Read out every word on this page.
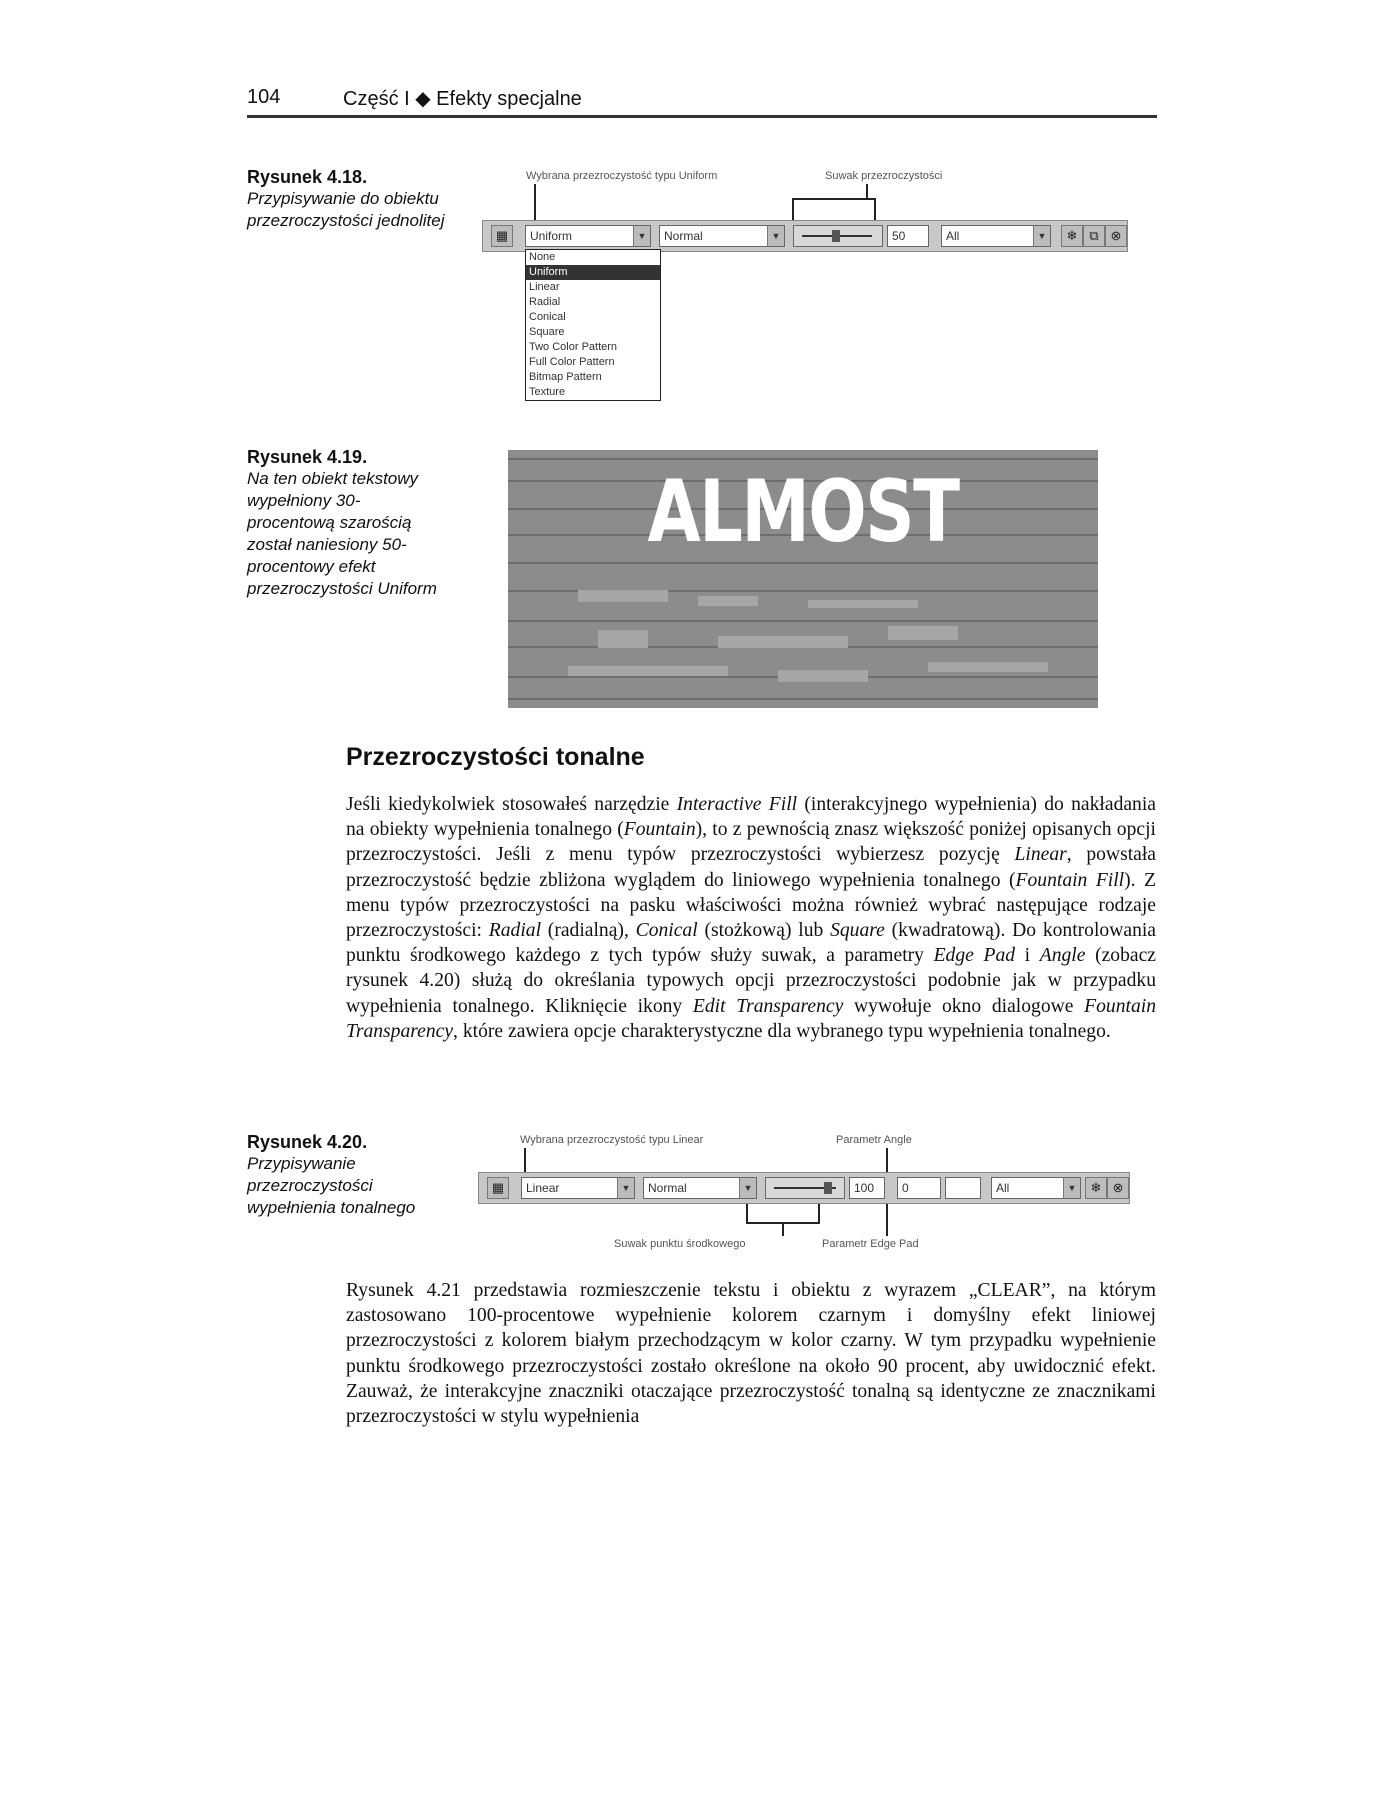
104	Część I ◆ Efekty specjalne
Rysunek 4.18.
Przypisywanie do obiektu przezroczystości jednolitej
Wybrana przezroczystość typu Uniform	Suwak przezroczystości
▦	Uniform	▼	Normal	▼	50	All	▼	❄ ⧉ ⊗
None
Uniform
Linear
Radial
Conical
Square
Two Color Pattern
Full Color Pattern
Bitmap Pattern
Texture
Rysunek 4.19.
Na ten obiekt tekstowy wypełniony 30-procentową szarością został naniesiony 50-procentowy efekt przezroczystości Uniform
ALMOST
Przezroczystości tonalne
Jeśli kiedykolwiek stosowałeś narzędzie Interactive Fill (interakcyjnego wypełnienia) do nakładania na obiekty wypełnienia tonalnego (Fountain), to z pewnością znasz większość poniżej opisanych opcji przezroczystości. Jeśli z menu typów przezroczystości wybierzesz pozycję Linear, powstała przezroczystość będzie zbliżona wyglądem do liniowego wypełnienia tonalnego (Fountain Fill). Z menu typów przezroczystości na pasku właściwości można również wybrać następujące rodzaje przezroczystości: Radial (radialną), Conical (stożkową) lub Square (kwadratową). Do kontrolowania punktu środkowego każdego z tych typów służy suwak, a parametry Edge Pad i Angle (zobacz rysunek 4.20) służą do określania typowych opcji przezroczystości podobnie jak w przypadku wypełnienia tonalnego. Kliknięcie ikony Edit Transparency wywołuje okno dialogowe Fountain Transparency, które zawiera opcje charakterystyczne dla wybranego typu wypełnienia tonalnego.
Rysunek 4.20.
Przypisywanie przezroczystości wypełnienia tonalnego
Wybrana przezroczystość typu Linear	Parametr Angle
▦	Linear	▼	Normal	▼	100	0	All	▼	❄ ⊗
Suwak punktu środkowego	Parametr Edge Pad
Rysunek 4.21 przedstawia rozmieszczenie tekstu i obiektu z wyrazem „CLEAR”, na którym zastosowano 100-procentowe wypełnienie kolorem czarnym i domyślny efekt liniowej przezroczystości z kolorem białym przechodzącym w kolor czarny. W tym przypadku wypełnienie punktu środkowego przezroczystości zostało określone na około 90 procent, aby uwidocznić efekt. Zauważ, że interakcyjne znaczniki otaczające przezroczystość tonalną są identyczne ze znacznikami przezroczystości w stylu wypełnienia
